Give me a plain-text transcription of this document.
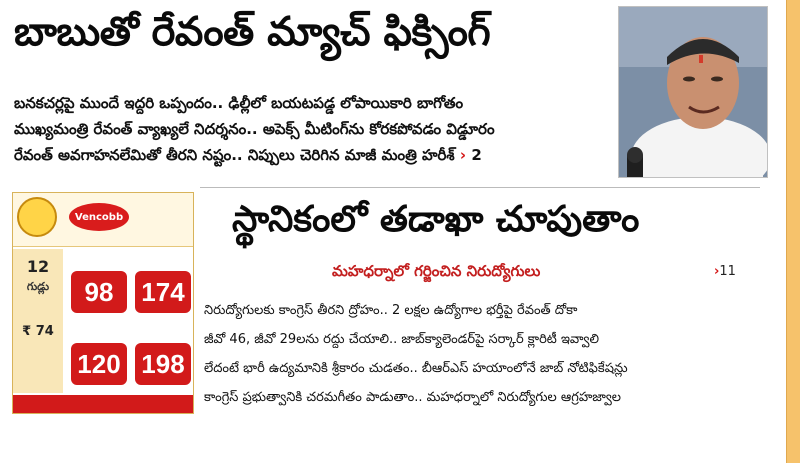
బాబుతో రేవంత్ మ్యాచ్ ఫిక్సింగ్
బనకచర్లపై ముందే ఇద్దరి ఒప్పందం.. ఢిల్లీలో బయటపడ్డ లోపాయికారి బాగోతం
ముఖ్యమంత్రి రేవంత్ వ్యాఖ్యలే నిదర్శనం.. అపెక్స్ మీటింగ్‌ను కోరకపోవడం విడ్డూరం
రేవంత్ అవగాహనలేమితో తీరని నష్టం.. నిప్పులు చెరిగిన మాజీ మంత్రి హరీశ్ › 2
Vencobb
12
గుడ్లు
₹ 74
98	174
120 198
స్థానికంలో తడాఖా చూపుతాం
మహధర్నాలో గర్జించిన నిరుద్యోగులు	›11
నిరుద్యోగులకు కాంగ్రెస్ తీరని ద్రోహం.. 2 లక్షల ఉద్యోగాల భర్తీపై రేవంత్ దోకా
జీవో 46, జీవో 29లను రద్దు చేయాలి.. జాబ్‌క్యాలెండర్‌పై సర్కార్ క్లారిటీ ఇవ్వాలి
లేదంటే భారీ ఉద్యమానికి శ్రీకారం చుడతం.. బీఆర్‌ఎస్ హయాంలోనే జాబ్ నోటిఫికేషన్లు
కాంగ్రెస్ ప్రభుత్వానికి చరమగీతం పాడుతాం.. మహధర్నాలో నిరుద్యోగుల ఆగ్రహజ్వాల
